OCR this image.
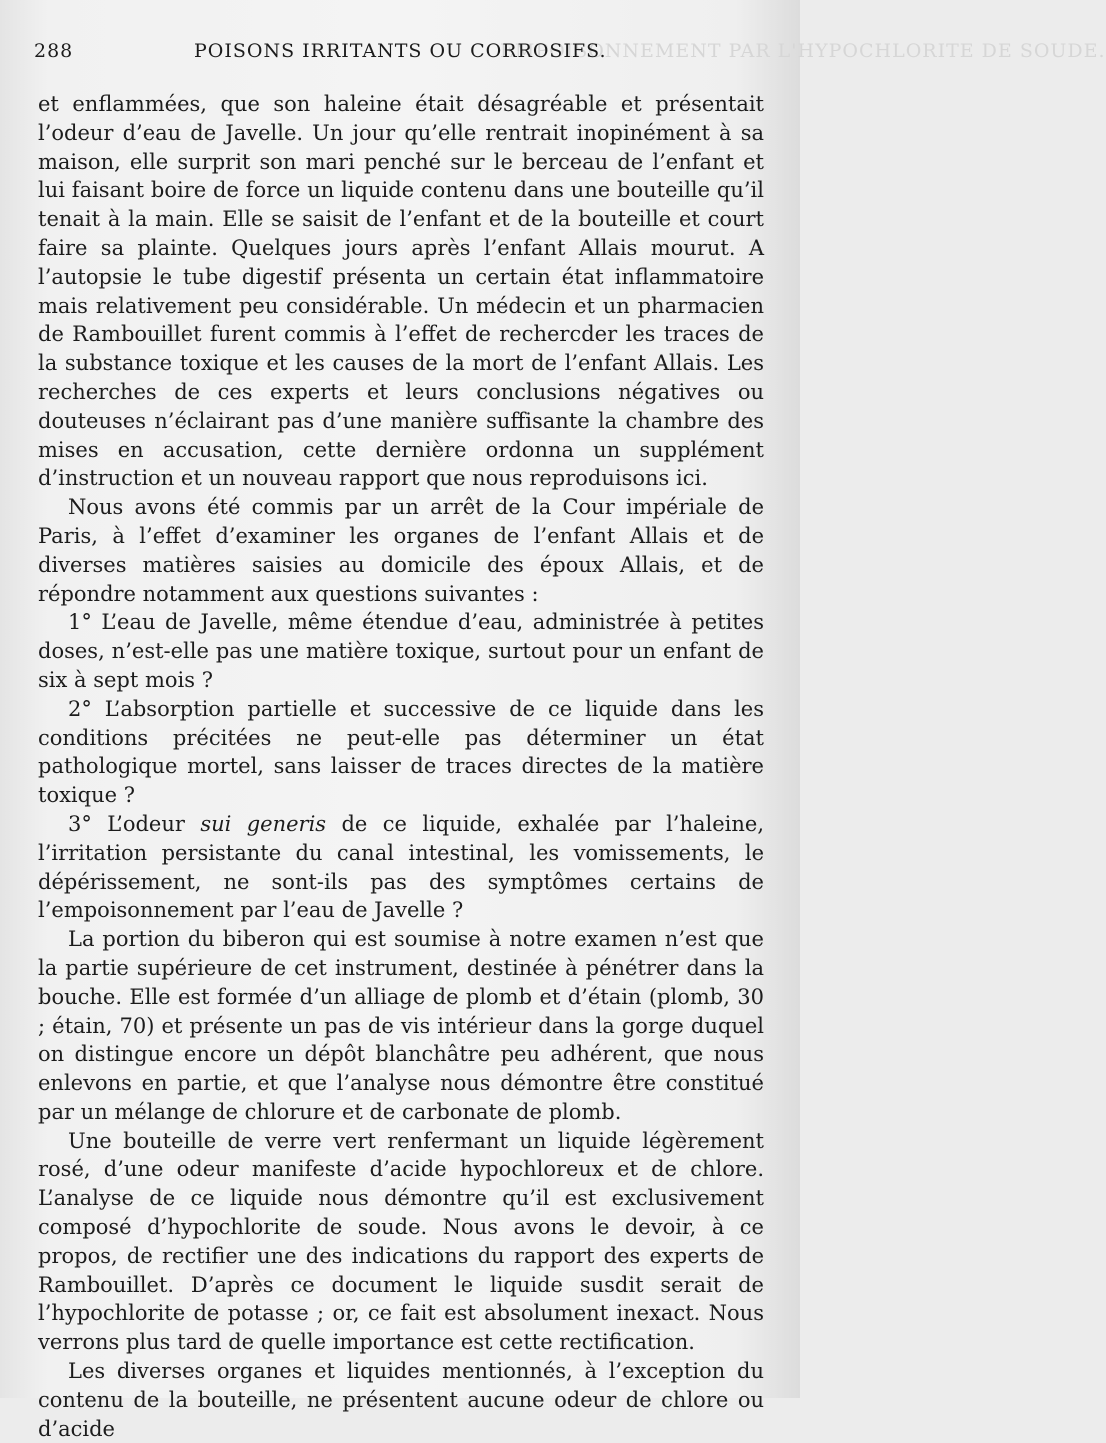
EMPOISONNEMENT PAR L'HYPOCHLORITE DE SOUDE.
288	POISONS IRRITANTS OU CORROSIFS.

et enflammées, que son haleine était désagréable et présentait l’odeur d’eau de Javelle. Un jour qu’elle rentrait inopinément à sa maison, elle surprit son mari penché sur le berceau de l’enfant et lui faisant boire de force un liquide contenu dans une bouteille qu’il tenait à la main. Elle se saisit de l’enfant et de la bouteille et court faire sa plainte. Quelques jours après l’enfant Allais mourut. A l’autopsie le tube digestif présenta un certain état inflammatoire mais relativement peu considérable. Un médecin et un pharmacien de Rambouillet furent commis à l’effet de rechercder les traces de la substance toxique et les causes de la mort de l’enfant Allais. Les recherches de ces experts et leurs conclusions négatives ou douteuses n’éclairant pas d’une manière suffisante la chambre des mises en accusation, cette dernière ordonna un supplément d’instruction et un nouveau rapport que nous reproduisons ici.

Nous avons été commis par un arrêt de la Cour impériale de Paris, à l’effet d’examiner les organes de l’enfant Allais et de diverses matières saisies au domicile des époux Allais, et de répondre notamment aux questions suivantes :

1° L’eau de Javelle, même étendue d’eau, administrée à petites doses, n’est-elle pas une matière toxique, surtout pour un enfant de six à sept mois ?

2° L’absorption partielle et successive de ce liquide dans les conditions précitées ne peut-elle pas déterminer un état pathologique mortel, sans laisser de traces directes de la matière toxique ?

3° L’odeur sui generis de ce liquide, exhalée par l’haleine, l’irritation persistante du canal intestinal, les vomissements, le dépérissement, ne sont-ils pas des symptômes certains de l’empoisonnement par l’eau de Javelle ?

La portion du biberon qui est soumise à notre examen n’est que la partie supérieure de cet instrument, destinée à pénétrer dans la bouche. Elle est formée d’un alliage de plomb et d’étain (plomb, 30 ; étain, 70) et présente un pas de vis intérieur dans la gorge duquel on distingue encore un dépôt blanchâtre peu adhérent, que nous enlevons en partie, et que l’analyse nous démontre être constitué par un mélange de chlorure et de carbonate de plomb.

Une bouteille de verre vert renfermant un liquide légèrement rosé, d’une odeur manifeste d’acide hypochloreux et de chlore. L’analyse de ce liquide nous démontre qu’il est exclusivement composé d’hypochlorite de soude. Nous avons le devoir, à ce propos, de rectifier une des indications du rapport des experts de Rambouillet. D’après ce document le liquide susdit serait de l’hypochlorite de potasse ; or, ce fait est absolument inexact. Nous verrons plus tard de quelle importance est cette rectification.

Les diverses organes et liquides mentionnés, à l’exception du contenu de la bouteille, ne présentent aucune odeur de chlore ou d’acide
